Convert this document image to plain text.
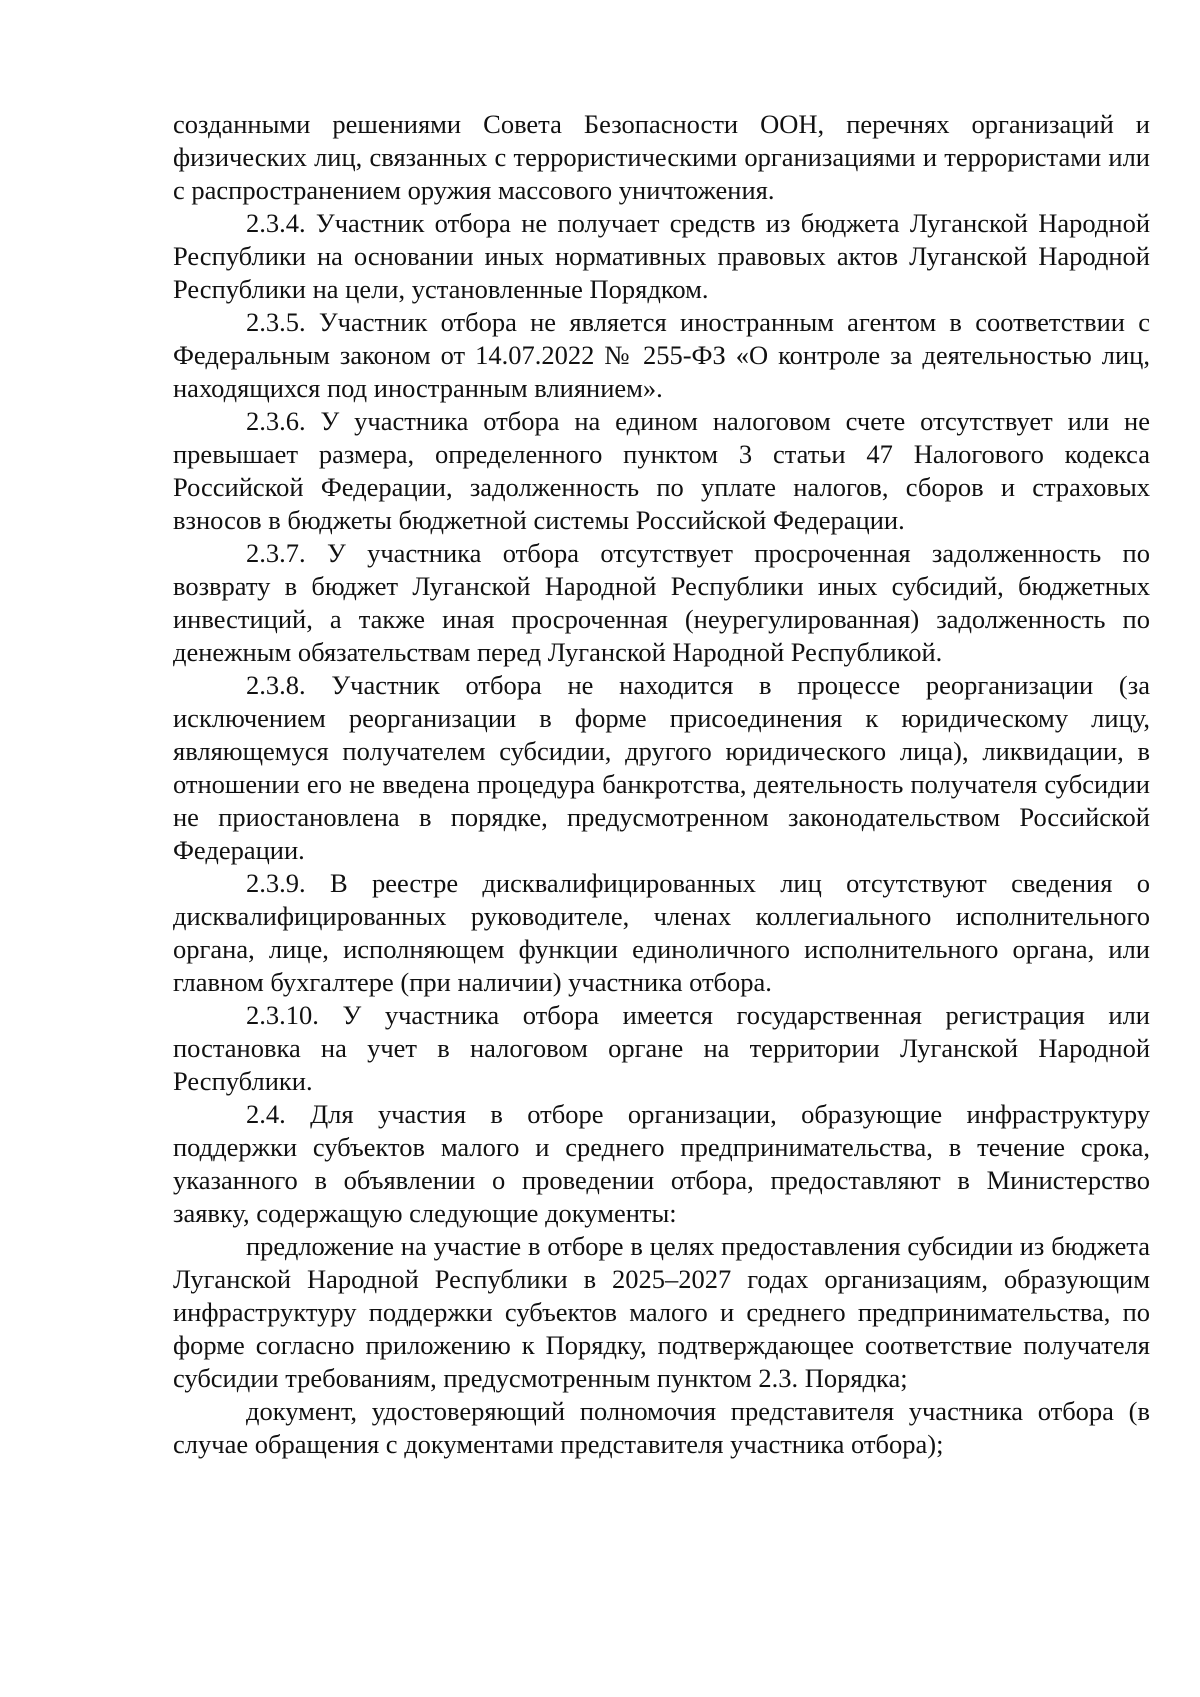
созданными решениями Совета Безопасности ООН, перечнях организаций и физических лиц, связанных с террористическими организациями и террористами или с распространением оружия массового уничтожения.

2.3.4. Участник отбора не получает средств из бюджета Луганской Народной Республики на основании иных нормативных правовых актов Луганской Народной Республики на цели, установленные Порядком.

2.3.5. Участник отбора не является иностранным агентом в соответствии с Федеральным законом от 14.07.2022 № 255-ФЗ «О контроле за деятельностью лиц, находящихся под иностранным влиянием».

2.3.6. У участника отбора на едином налоговом счете отсутствует или не превышает размера, определенного пунктом 3 статьи 47 Налогового кодекса Российской Федерации, задолженность по уплате налогов, сборов и страховых взносов в бюджеты бюджетной системы Российской Федерации.

2.3.7. У участника отбора отсутствует просроченная задолженность по возврату в бюджет Луганской Народной Республики иных субсидий, бюджетных инвестиций, а также иная просроченная (неурегулированная) задолженность по денежным обязательствам перед Луганской Народной Республикой.

2.3.8. Участник отбора не находится в процессе реорганизации (за исключением реорганизации в форме присоединения к юридическому лицу, являющемуся получателем субсидии, другого юридического лица), ликвидации, в отношении его не введена процедура банкротства, деятельность получателя субсидии не приостановлена в порядке, предусмотренном законодательством Российской Федерации.

2.3.9. В реестре дисквалифицированных лиц отсутствуют сведения о дисквалифицированных руководителе, членах коллегиального исполнительного органа, лице, исполняющем функции единоличного исполнительного органа, или главном бухгалтере (при наличии) участника отбора.

2.3.10. У участника отбора имеется государственная регистрация или постановка на учет в налоговом органе на территории Луганской Народной Республики.

2.4. Для участия в отборе организации, образующие инфраструктуру поддержки субъектов малого и среднего предпринимательства, в течение срока, указанного в объявлении о проведении отбора, предоставляют в Министерство заявку, содержащую следующие документы:

предложение на участие в отборе в целях предоставления субсидии из бюджета Луганской Народной Республики в 2025–2027 годах организациям, образующим инфраструктуру поддержки субъектов малого и среднего предпринимательства, по форме согласно приложению к Порядку, подтверждающее соответствие получателя субсидии требованиям, предусмотренным пунктом 2.3. Порядка;

документ, удостоверяющий полномочия представителя участника отбора (в случае обращения с документами представителя участника отбора);
